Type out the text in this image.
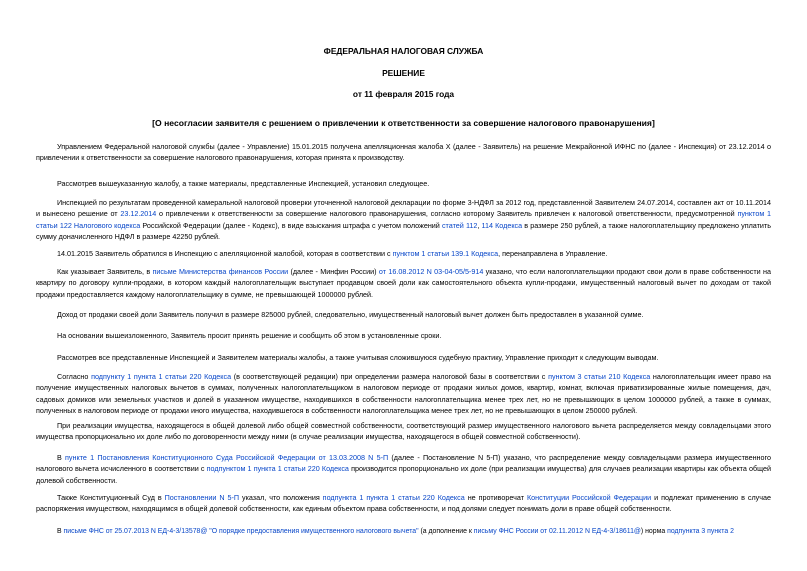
ФЕДЕРАЛЬНАЯ НАЛОГОВАЯ СЛУЖБА
РЕШЕНИЕ
от 11 февраля 2015 года
[О несогласии заявителя с решением о привлечении к ответственности за совершение налогового правонарушения]

Управлением Федеральной налоговой службы (далее - Управление) 15.01.2015 получена апелляционная жалоба Х (далее - Заявитель) на решение Межрайонной ИФНС по (далее - Инспекция) от 23.12.2014 о привлечении к ответственности за совершение налогового правонарушения, которая принята к производству.

Рассмотрев вышеуказанную жалобу, а также материалы, представленные Инспекцией, установил следующее.

Инспекцией по результатам проведенной камеральной налоговой проверки уточненной налоговой декларации по форме 3-НДФЛ за 2012 год, представленной Заявителем 24.07.2014, составлен акт от 10.11.2014 и вынесено решение от 23.12.2014 о привлечении к ответственности за совершение налогового правонарушения, согласно которому Заявитель привлечен к налоговой ответственности, предусмотренной пунктом 1 статьи 122 Налогового кодекса Российской Федерации (далее - Кодекс), в виде взыскания штрафа с учетом положений статей 112, 114 Кодекса в размере 250 рублей, а также налогоплательщику предложено уплатить сумму доначисленного НДФЛ в размере 42250 рублей.

14.01.2015 Заявитель обратился в Инспекцию с апелляционной жалобой, которая в соответствии с пунктом 1 статьи 139.1 Кодекса, перенаправлена в Управление.

Как указывает Заявитель, в письме Министерства финансов России (далее - Минфин России) от 16.08.2012 N 03-04-05/5-914 указано, что если налогоплательщики продают свои доли в праве собственности на квартиру по договору купли-продажи, в котором каждый налогоплательщик выступает продавцом своей доли как самостоятельного объекта купли-продажи, имущественный налоговый вычет по доходам от такой продажи предоставляется каждому налогоплательщику в сумме, не превышающей 1000000 рублей.

Доход от продажи своей доли Заявитель получил в размере 825000 рублей, следовательно, имущественный налоговый вычет должен быть предоставлен в указанной сумме.

На основании вышеизложенного, Заявитель просит принять решение и сообщить об этом в установленные сроки.

Рассмотрев все представленные Инспекцией и Заявителем материалы жалобы, а также учитывая сложившуюся судебную практику, Управление приходит к следующим выводам.

Согласно подпункту 1 пункта 1 статьи 220 Кодекса (в соответствующей редакции) при определении размера налоговой базы в соответствии с пунктом 3 статьи 210 Кодекса налогоплательщик имеет право на получение имущественных налоговых вычетов в суммах, полученных налогоплательщиком в налоговом периоде от продажи жилых домов, квартир, комнат, включая приватизированные жилые помещения, дач, садовых домиков или земельных участков и долей в указанном имуществе, находившихся в собственности налогоплательщика менее трех лет, но не превышающих в целом 1000000 рублей, а также в суммах, полученных в налоговом периоде от продажи иного имущества, находившегося в собственности налогоплательщика менее трех лет, но не превышающих в целом 250000 рублей.

При реализации имущества, находящегося в общей долевой либо общей совместной собственности, соответствующий размер имущественного налогового вычета распределяется между совладельцами этого имущества пропорционально их доле либо по договоренности между ними (в случае реализации имущества, находящегося в общей совместной собственности).

В пункте 1 Постановления Конституционного Суда Российской Федерации от 13.03.2008 N 5-П (далее - Постановление N 5-П) указано, что распределение между совладельцами размера имущественного налогового вычета исчисленного в соответствии с подпунктом 1 пункта 1 статьи 220 Кодекса производится пропорционально их доле (при реализации имущества) для случаев реализации квартиры как объекта общей долевой собственности.

Также Конституционный Суд в Постановлении N 5-П указал, что положения подпункта 1 пункта 1 статьи 220 Кодекса не противоречат Конституции Российской Федерации и подлежат применению в случае распоряжения имуществом, находящимся в общей долевой собственности, как единым объектом права собственности, и под долями следует понимать доли в праве общей собственности.

В письме ФНС от 25.07.2013 N ЕД-4-3/13578@ "О порядке предоставления имущественного налогового вычета" (а дополнение к письму ФНС России от 02.11.2012 N ЕД-4-3/18611@) норма подпункта 3 пункта 2
